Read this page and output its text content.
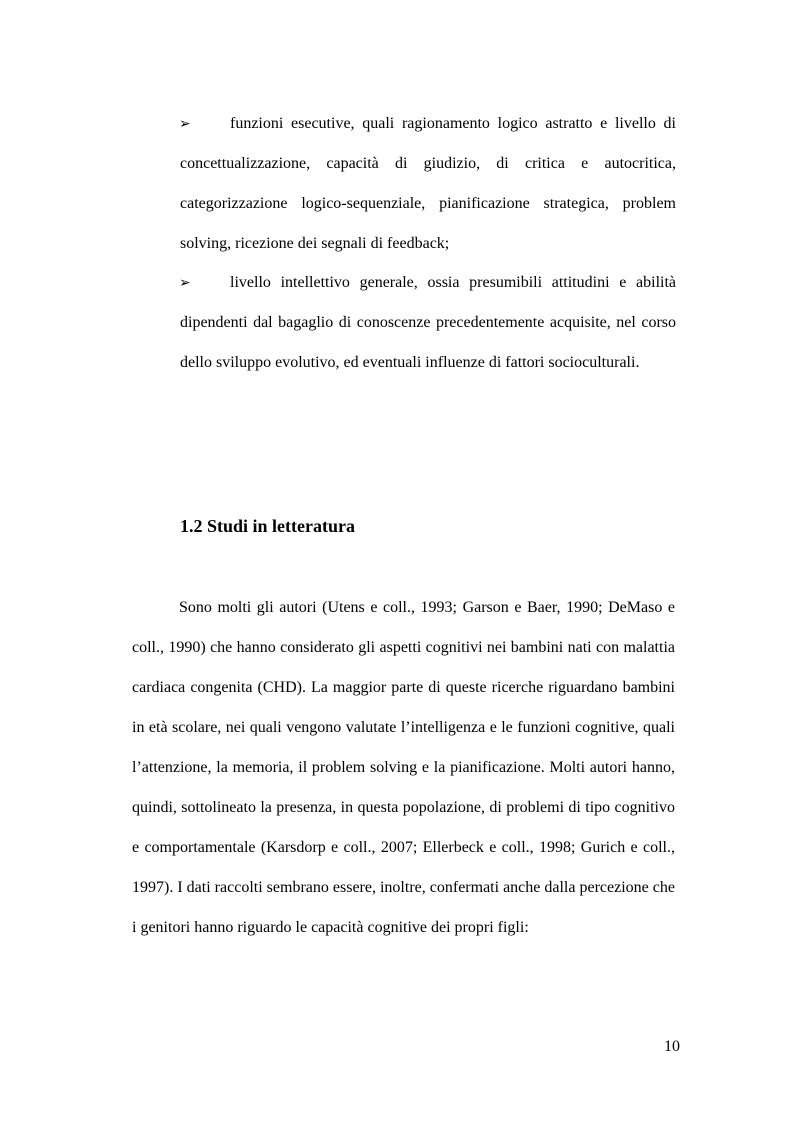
➢	funzioni esecutive, quali ragionamento logico astratto e livello di concettualizzazione, capacità di giudizio, di critica e autocritica, categorizzazione logico-sequenziale, pianificazione strategica, problem solving, ricezione dei segnali di feedback;
➢	livello intellettivo generale, ossia presumibili attitudini e abilità dipendenti dal bagaglio di conoscenze precedentemente acquisite, nel corso dello sviluppo evolutivo, ed eventuali influenze di fattori socioculturali.
1.2 Studi in letteratura

Sono molti gli autori (Utens e coll., 1993; Garson e Baer, 1990; DeMaso e coll., 1990) che hanno considerato gli aspetti cognitivi nei bambini nati con malattia cardiaca congenita (CHD). La maggior parte di queste ricerche riguardano bambini in età scolare, nei quali vengono valutate l’intelligenza e le funzioni cognitive, quali l’attenzione, la memoria, il problem solving e la pianificazione. Molti autori hanno, quindi, sottolineato la presenza, in questa popolazione, di problemi di tipo cognitivo e comportamentale (Karsdorp e coll., 2007; Ellerbeck e coll., 1998; Gurich e coll., 1997). I dati raccolti sembrano essere, inoltre, confermati anche dalla percezione che i genitori hanno riguardo le capacità cognitive dei propri figli:

10
